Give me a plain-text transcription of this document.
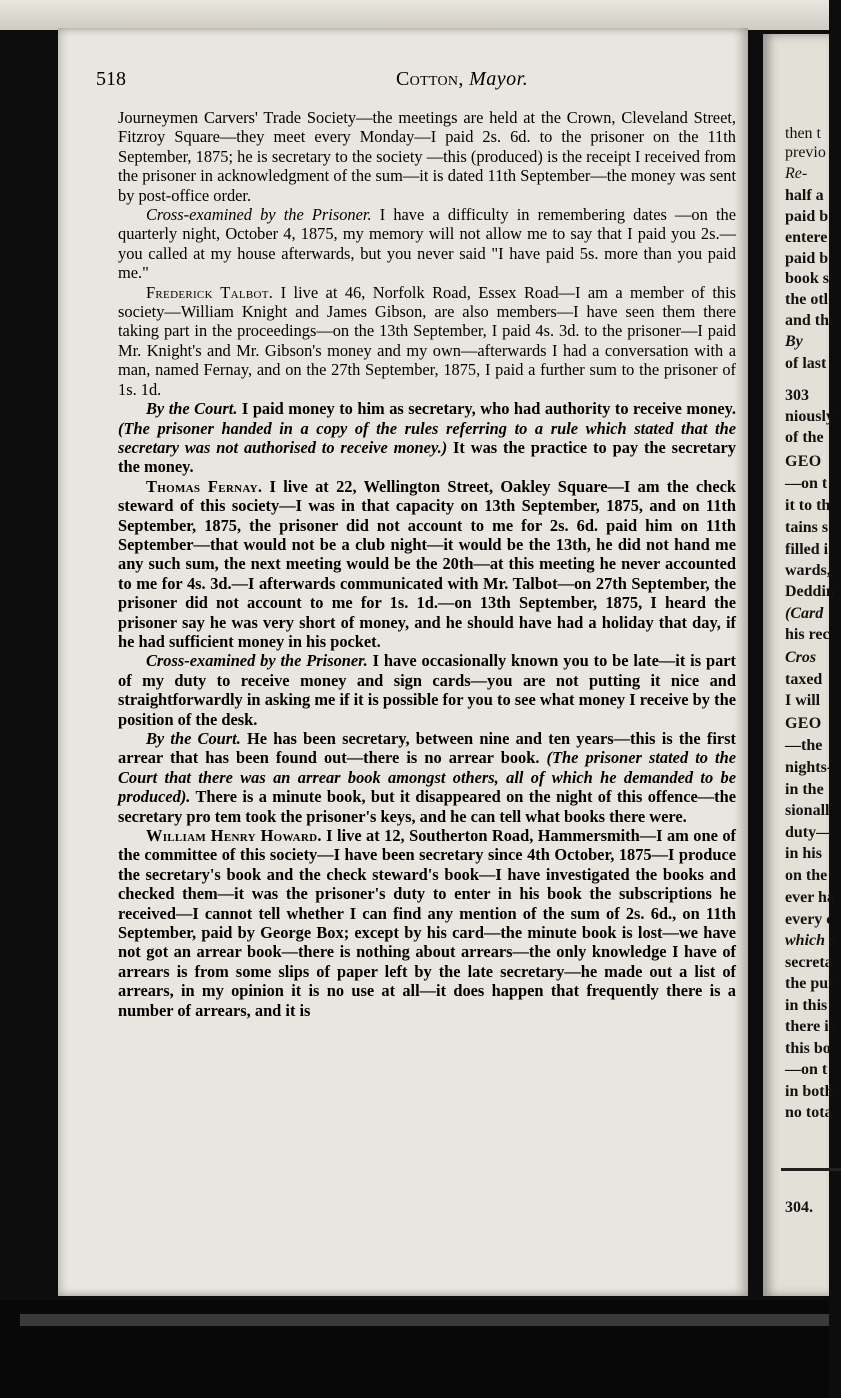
518	Cotton, Mayor.

Journeymen Carvers' Trade Society—the meetings are held at the Crown, Cleveland Street, Fitzroy Square—they meet every Monday—I paid 2s. 6d. to the prisoner on the 11th September, 1875; he is secretary to the society —this (produced) is the receipt I received from the prisoner in acknowledgment of the sum—it is dated 11th September—the money was sent by post-office order.

Cross-examined by the Prisoner. I have a difficulty in remembering dates —on the quarterly night, October 4, 1875, my memory will not allow me to say that I paid you 2s.—you called at my house afterwards, but you never said "I have paid 5s. more than you paid me."

Frederick Talbot. I live at 46, Norfolk Road, Essex Road—I am a member of this society—William Knight and James Gibson, are also members—I have seen them there taking part in the proceedings—on the 13th September, I paid 4s. 3d. to the prisoner—I paid Mr. Knight's and Mr. Gibson's money and my own—afterwards I had a conversation with a man, named Fernay, and on the 27th September, 1875, I paid a further sum to the prisoner of 1s. 1d.

By the Court. I paid money to him as secretary, who had authority to receive money. (The prisoner handed in a copy of the rules referring to a rule which stated that the secretary was not authorised to receive money.) It was the practice to pay the secretary the money.

Thomas Fernay. I live at 22, Wellington Street, Oakley Square—I am the check steward of this society—I was in that capacity on 13th September, 1875, and on 11th September, 1875, the prisoner did not account to me for 2s. 6d. paid him on 11th September—that would not be a club night—it would be the 13th, he did not hand me any such sum, the next meeting would be the 20th—at this meeting he never accounted to me for 4s. 3d.—I afterwards communicated with Mr. Talbot—on 27th September, the prisoner did not account to me for 1s. 1d.—on 13th September, 1875, I heard the prisoner say he was very short of money, and he should have had a holiday that day, if he had sufficient money in his pocket.

Cross-examined by the Prisoner. I have occasionally known you to be late—it is part of my duty to receive money and sign cards—you are not putting it nice and straightforwardly in asking me if it is possible for you to see what money I receive by the position of the desk.

By the Court. He has been secretary, between nine and ten years—this is the first arrear that has been found out—there is no arrear book. (The prisoner stated to the Court that there was an arrear book amongst others, all of which he demanded to be produced). There is a minute book, but it disappeared on the night of this offence—the secretary pro tem took the prisoner's keys, and he can tell what books there were.

William Henry Howard. I live at 12, Southerton Road, Hammersmith—I am one of the committee of this society—I have been secretary since 4th October, 1875—I produce the secretary's book and the check steward's book—I have investigated the books and checked them—it was the prisoner's duty to enter in his book the subscriptions he received—I cannot tell whether I can find any mention of the sum of 2s. 6d., on 11th September, paid by George Box; except by his card—the minute book is lost—we have not got an arrear book—there is nothing about arrears—the only knowledge I have of arrears is from some slips of paper left by the late secretary—he made out a list of arrears, in my opinion it is no use at all—it does happen that frequently there is a number of arrears, and it is

then t
previo
Re-
half a
paid b
entere
paid b
book s
the otl
and th
By
of last
303
niously
of the
GEO
—on t
it to th
tains s
filled i
wards,
Deddin
(Card
his rec
Cros
taxed
I will
GEO
—the
nights-
in the
sionall
duty—
in his
on the
ever ha
every c
which s
secreta
the pur
in this
there is
this bo
—on t
in both
no tota
304.
